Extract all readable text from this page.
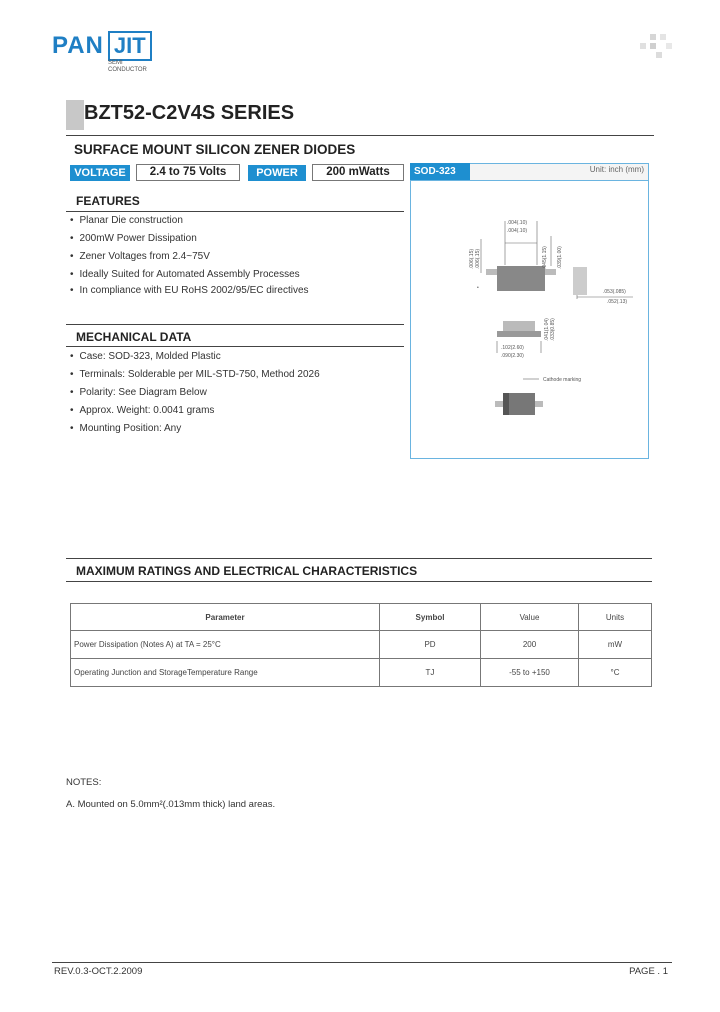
PAN JIT
SEMI
CONDUCTOR
BZT52-C2V4S SERIES
SURFACE MOUNT SILICON ZENER DIODES
VOLTAGE	2.4 to 75 Volts	POWER	200 mWatts	SOD-323	Unit: inch (mm)
.004(.10)
.004(.10)
.006(.15) .006(.15)	.045(1.15) .039(1.00)
•
.053(.085)
.052(.13)
.102(2.60)
.090(2.30)
.041(1.04) .033(0.85)
Cathode marking
FEATURES
• Planar Die construction
• 200mW Power Dissipation
• Zener Voltages from 2.4~75V
• Ideally Suited for Automated Assembly Processes
• In compliance with EU RoHS 2002/95/EC directives
MECHANICAL DATA
• Case: SOD-323, Molded Plastic
• Terminals: Solderable per MIL-STD-750, Method 2026
• Polarity: See Diagram Below
• Approx. Weight: 0.0041 grams
• Mounting Position: Any
MAXIMUM RATINGS AND ELECTRICAL CHARACTERISTICS
Parameter	Symbol	Value	Units
Power Dissipation (Notes A) at TA = 25°C	PD	200	mW
Operating Junction and StorageTemperature Range	TJ	-55 to +150	°C
NOTES:
A. Mounted on 5.0mm²(.013mm thick) land areas.
REV.0.3-OCT.2.2009	PAGE . 1
